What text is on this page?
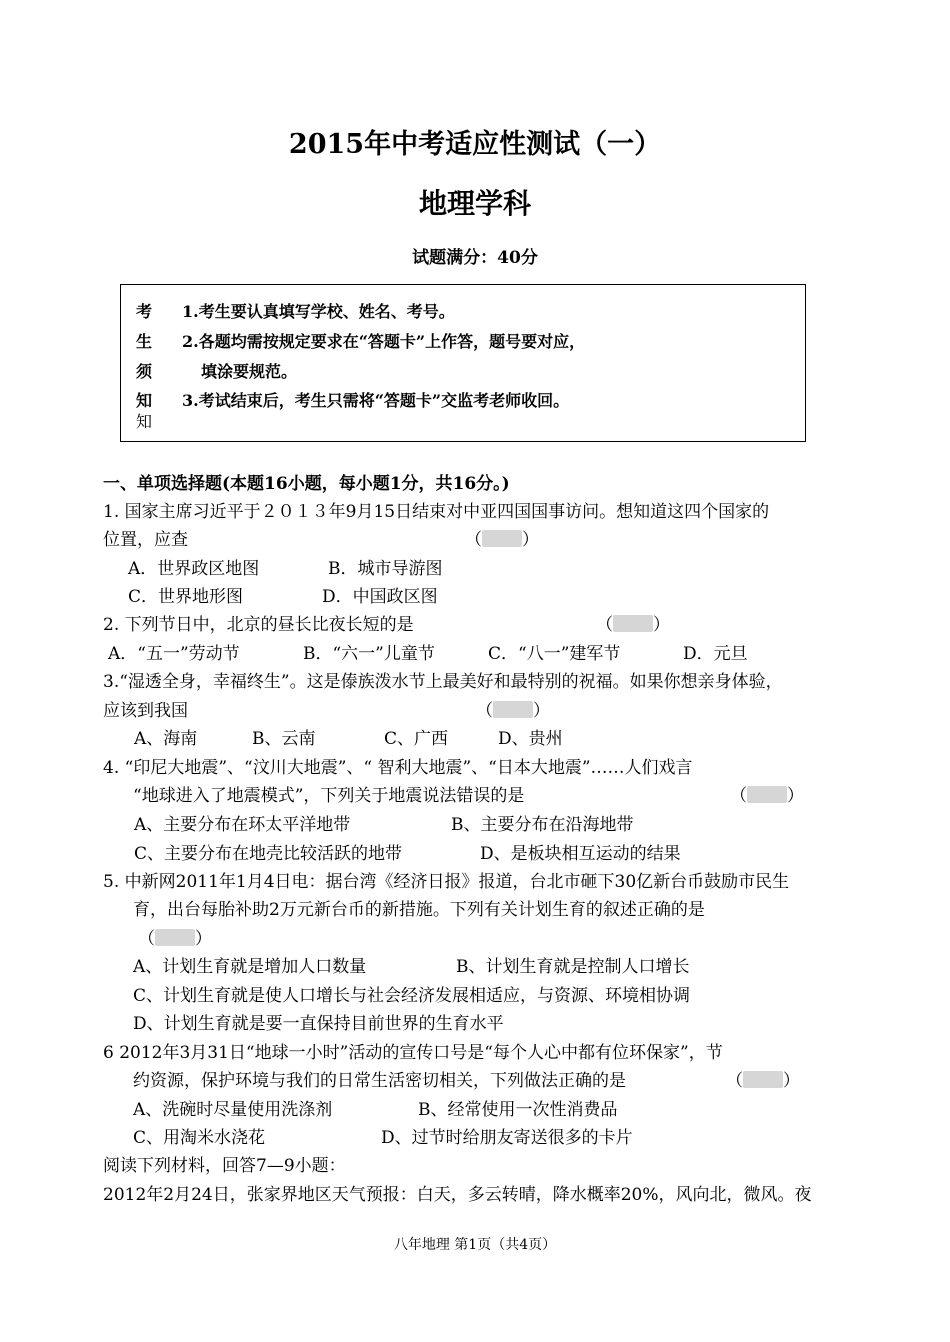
2015年中考适应性测试（一）
地理学科
试题满分：40分
考
生
须
知
知
1.考生要认真填写学校、姓名、考号。
2.各题均需按规定要求在“答题卡”上作答，题号要对应，
填涂要规范。
3.考试结束后，考生只需将“答题卡”交监考老师收回。
一、单项选择题(本题16小题，每小题1分，共16分。)
1. 国家主席习近平于２０１３年9月15日结束对中亚四国国事访问。想知道这四个国家的
位置，应查	（ ）
A．世界政区地图	B．城市导游图
C．世界地形图	D．中国政区图
2. 下列节日中，北京的昼长比夜长短的是	（ ）
A．“五一”劳动节	B．“六一”儿童节	C．“八一”建军节	D．元旦
3.“湿透全身，幸福终生”。这是傣族泼水节上最美好和最特别的祝福。如果你想亲身体验，
应该到我国	（ ）
A、海南	B、云南	C、广西	D、贵州
4. “印尼大地震”、“汶川大地震”、“ 智利大地震”、“日本大地震”……人们戏言
“地球进入了地震模式”，下列关于地震说法错误的是	（ ）
A、主要分布在环太平洋地带	B、主要分布在沿海地带
C、主要分布在地壳比较活跃的地带	D、是板块相互运动的结果
5. 中新网2011年1月4日电：据台湾《经济日报》报道，台北市砸下30亿新台币鼓励市民生
育，出台每胎补助2万元新台币的新措施。下列有关计划生育的叙述正确的是
（ ）
A、计划生育就是增加人口数量	B、计划生育就是控制人口增长
C、计划生育就是使人口增长与社会经济发展相适应，与资源、环境相协调
D、计划生育就是要一直保持目前世界的生育水平
6 2012年3月31日“地球一小时”活动的宣传口号是“每个人心中都有位环保家”，节
约资源，保护环境与我们的日常生活密切相关，下列做法正确的是	（ ）
A、洗碗时尽量使用洗涤剂	B、经常使用一次性消费品
C、用淘米水浇花	D、过节时给朋友寄送很多的卡片
阅读下列材料，回答7—9小题：
2012年2月24日，张家界地区天气预报：白天，多云转晴，降水概率20%，风向北，微风。夜
八年地理 第1页（共4页）
